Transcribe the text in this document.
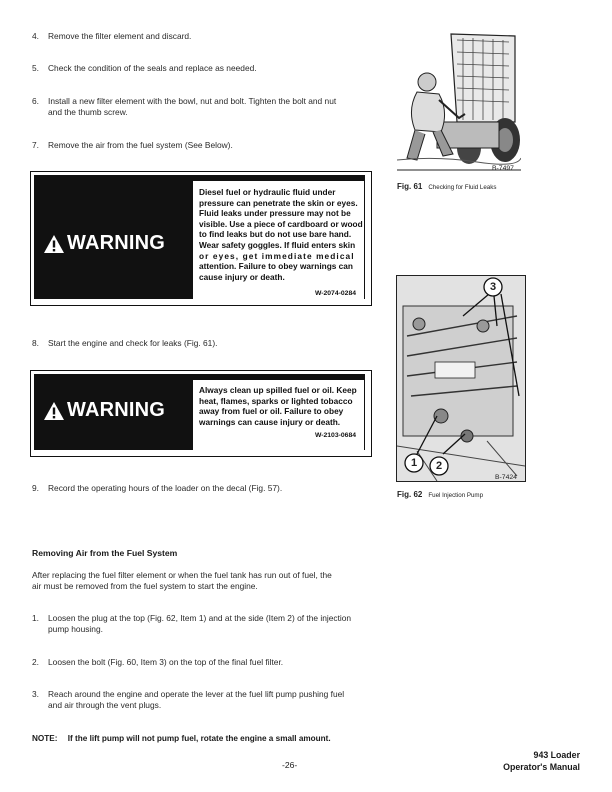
4. Remove the filter element and discard.
5. Check the condition of the seals and replace as needed.
6. Install a new filter element with the bowl, nut and bolt. Tighten the bolt and nut
and the thumb screw.
7. Remove the air from the fuel system (See Below).
WARNING
Diesel fuel or hydraulic fluid under
pressure can penetrate the skin or eyes.
Fluid leaks under pressure may not be
visible. Use a piece of cardboard or wood
to find leaks but do not use bare hand.
Wear safety goggles. If fluid enters skin
or eyes, get immediate medical
attention. Failure to obey warnings can
cause injury or death.
W-2074-0284
8. Start the engine and check for leaks (Fig. 61).
WARNING
Always clean up spilled fuel or oil. Keep
heat, flames, sparks or lighted tobacco
away from fuel or oil. Failure to obey
warnings can cause injury or death.
W-2103-0684
9. Record the operating hours of the loader on the decal (Fig. 57).
B-7497
Fig. 61 Checking for Fluid Leaks
3
1 2
B-7424
Fig. 62 Fuel Injection Pump
Removing Air from the Fuel System
After replacing the fuel filter element or when the fuel tank has run out of fuel, the
air must be removed from the fuel system to start the engine.
1. Loosen the plug at the top (Fig. 62, Item 1) and at the side (Item 2) of the injection
pump housing.
2. Loosen the bolt (Fig. 60, Item 3) on the top of the final fuel filter.
3. Reach around the engine and operate the lever at the fuel lift pump pushing fuel
and air through the vent plugs.
NOTE: If the lift pump will not pump fuel, rotate the engine a small amount.
-26-
943 Loader
Operator's Manual
